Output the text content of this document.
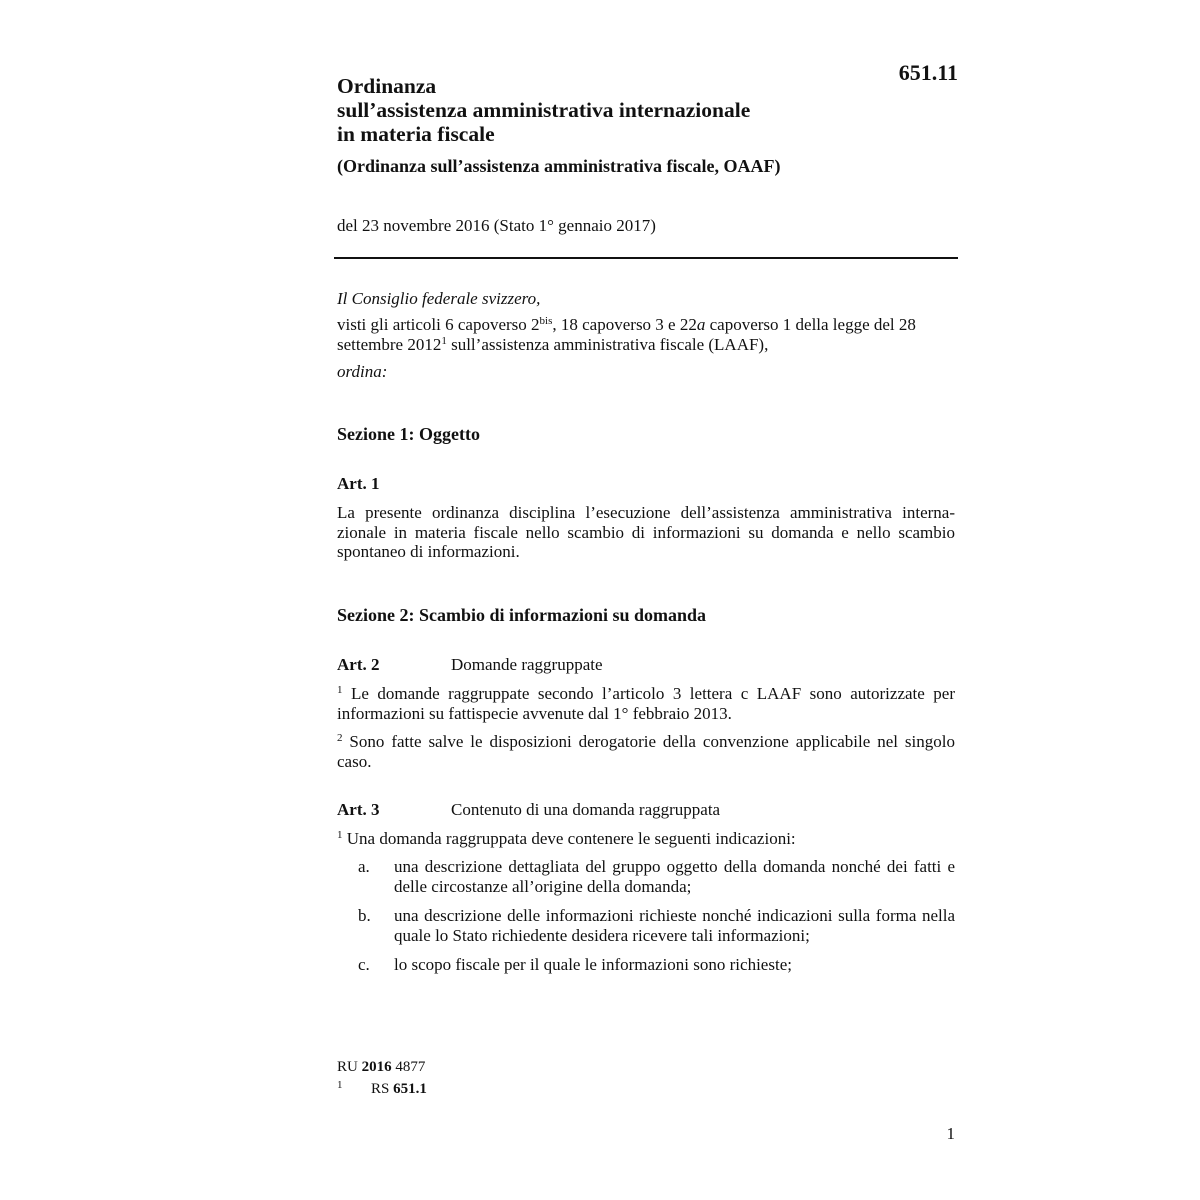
651.11
Ordinanza
sull’assistenza amministrativa internazionale
in materia fiscale
(Ordinanza sull’assistenza amministrativa fiscale, OAAF)
del 23 novembre 2016 (Stato 1° gennaio 2017)
Il Consiglio federale svizzero,
visti gli articoli 6 capoverso $2^{bis}$, 18 capoverso 3 e 22a capoverso 1 della legge del 28 settembre 2012$^1$ sull’assistenza amministrativa fiscale (LAAF),
ordina:
Sezione 1: Oggetto
Art. 1
La presente ordinanza disciplina l’esecuzione dell’assistenza amministrativa interna-zionale in materia fiscale nello scambio di informazioni su domanda e nello scambio spontaneo di informazioni.
Sezione 2: Scambio di informazioni su domanda
Art. 2	Domande raggruppate
$^1$ Le domande raggruppate secondo l’articolo 3 lettera c LAAF sono autorizzate per informazioni su fattispecie avvenute dal 1° febbraio 2013.
$^2$ Sono fatte salve le disposizioni derogatorie della convenzione applicabile nel singolo caso.
Art. 3	Contenuto di una domanda raggruppata
$^1$ Una domanda raggruppata deve contenere le seguenti indicazioni:
a. una descrizione dettagliata del gruppo oggetto della domanda nonché dei fatti e delle circostanze all’origine della domanda;
b. una descrizione delle informazioni richieste nonché indicazioni sulla forma nella quale lo Stato richiedente desidera ricevere tali informazioni;
c. lo scopo fiscale per il quale le informazioni sono richieste;
RU 2016 4877
1 RS 651.1
1
